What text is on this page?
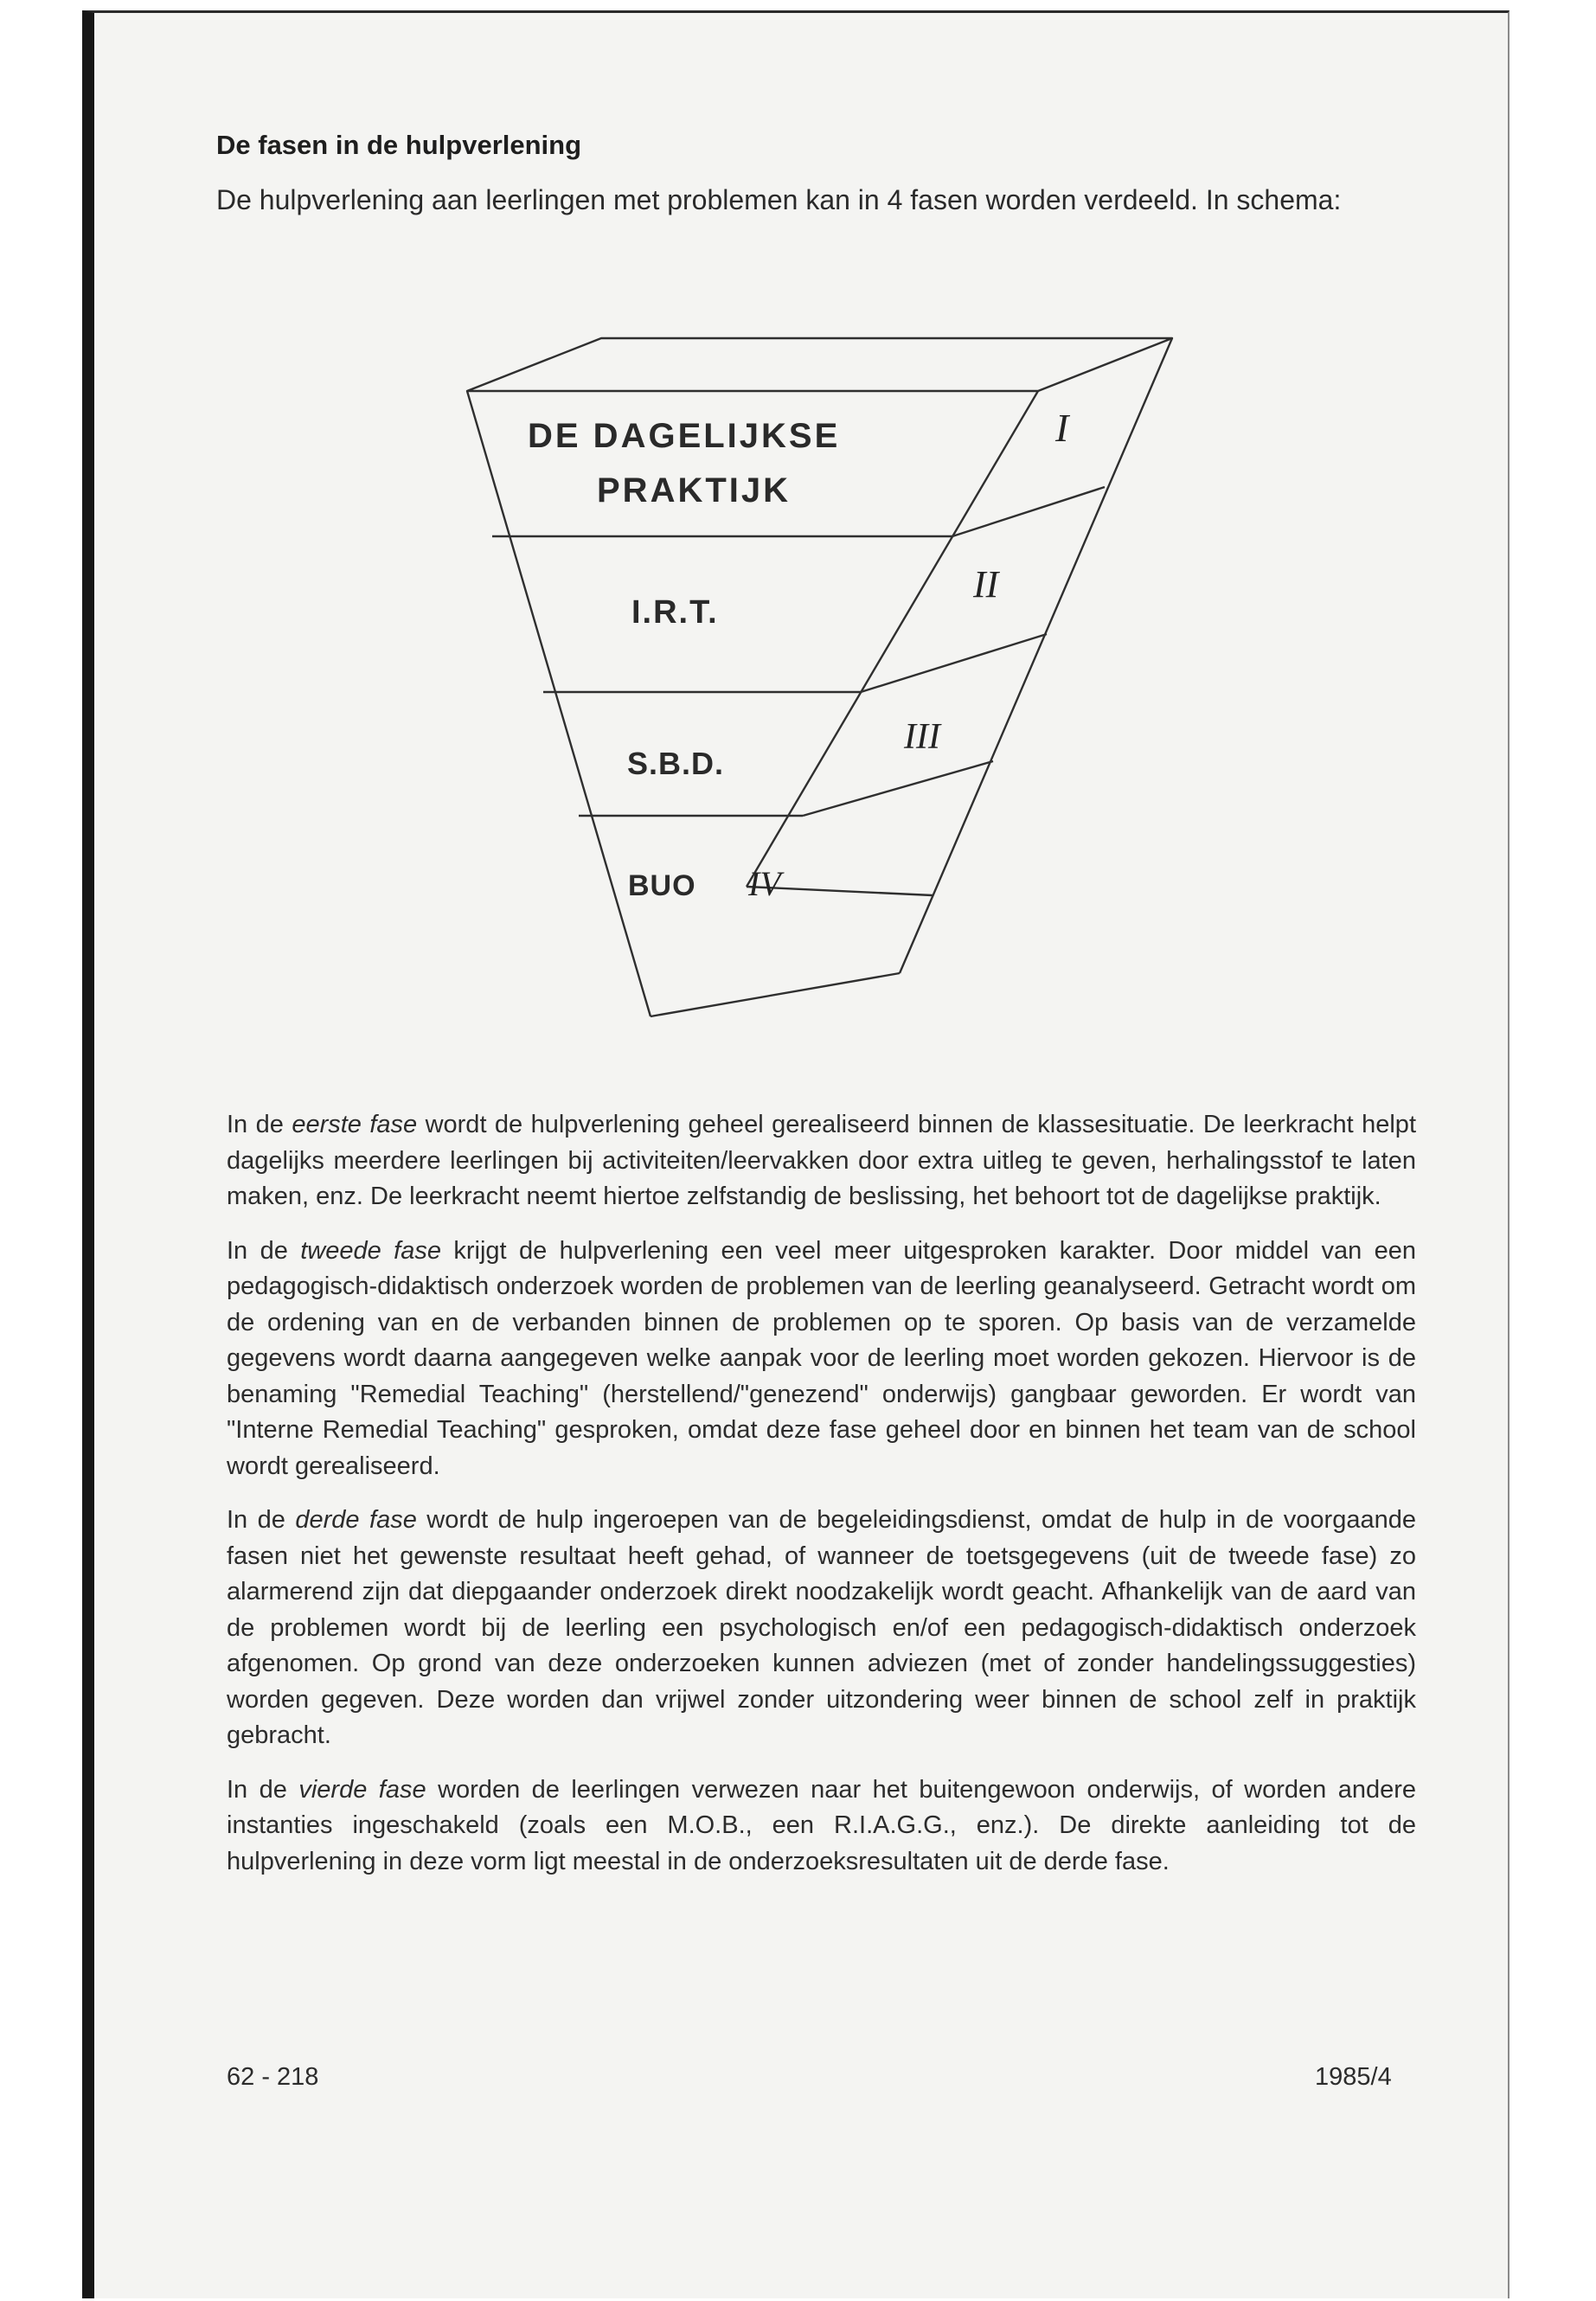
De fasen in de hulpverlening
De hulpverlening aan leerlingen met problemen kan in 4 fasen worden verdeeld. In schema:
DE DAGELIJKSE
PRAKTIJK
I.R.T.
S.B.D.
BUO
I
II
III
IV

In de eerste fase wordt de hulpverlening geheel gerealiseerd binnen de klassesituatie. De leerkracht helpt dagelijks meerdere leerlingen bij activiteiten/leervakken door extra uitleg te geven, herhalingsstof te laten maken, enz. De leerkracht neemt hiertoe zelfstandig de beslissing, het behoort tot de dagelijkse praktijk.

In de tweede fase krijgt de hulpverlening een veel meer uitgesproken karakter. Door middel van een pedagogisch-didaktisch onderzoek worden de problemen van de leerling geanalyseerd. Getracht wordt om de ordening van en de verbanden binnen de problemen op te sporen. Op basis van de verzamelde gegevens wordt daarna aangegeven welke aanpak voor de leerling moet worden gekozen. Hiervoor is de benaming "Remedial Teaching" (herstellend/"genezend" onderwijs) gangbaar geworden. Er wordt van "Interne Remedial Teaching" gesproken, omdat deze fase geheel door en binnen het team van de school wordt gerealiseerd.

In de derde fase wordt de hulp ingeroepen van de begeleidingsdienst, omdat de hulp in de voorgaande fasen niet het gewenste resultaat heeft gehad, of wanneer de toetsgegevens (uit de tweede fase) zo alarmerend zijn dat diepgaander onderzoek direkt noodzakelijk wordt geacht. Afhankelijk van de aard van de problemen wordt bij de leerling een psychologisch en/of een pedagogisch-didaktisch onderzoek afgenomen. Op grond van deze onderzoeken kunnen adviezen (met of zonder handelingssuggesties) worden gegeven. Deze worden dan vrijwel zonder uitzondering weer binnen de school zelf in praktijk gebracht.

In de vierde fase worden de leerlingen verwezen naar het buitengewoon onderwijs, of worden andere instanties ingeschakeld (zoals een M.O.B., een R.I.A.G.G., enz.). De direkte aanleiding tot de hulpverlening in deze vorm ligt meestal in de onderzoeksresultaten uit de derde fase.

62 - 218	1985/4
